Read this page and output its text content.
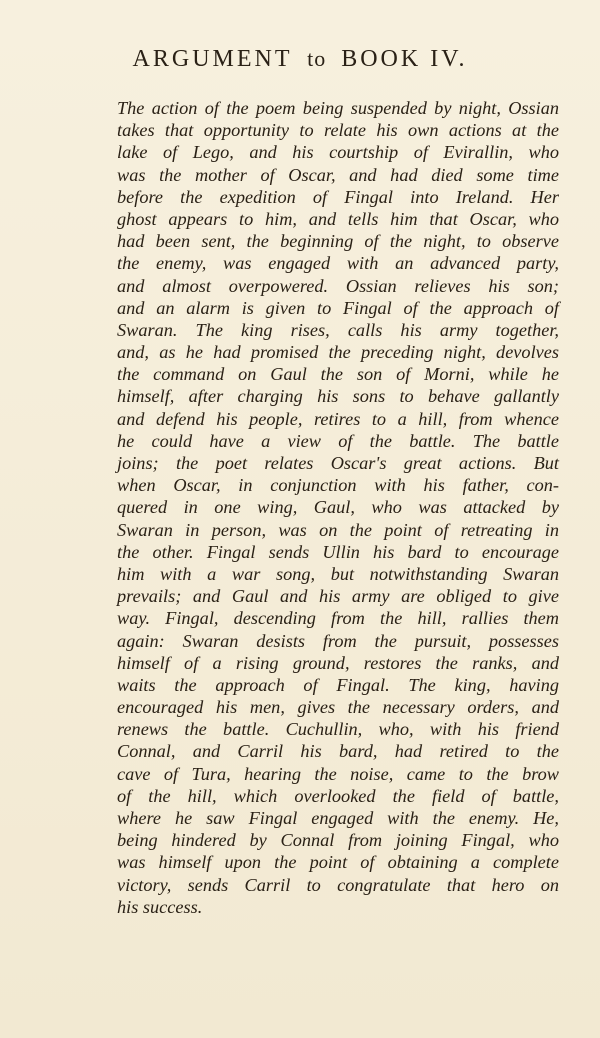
ARGUMENT to BOOK IV.
The action of the poem being suspended by night, Ossian
takes that opportunity to relate his own actions at the
lake of Lego, and his courtship of Evirallin, who
was the mother of Oscar, and had died some time
before the expedition of Fingal into Ireland. Her
ghost appears to him, and tells him that Oscar, who
had been sent, the beginning of the night, to observe
the enemy, was engaged with an advanced party,
and almost overpowered. Ossian relieves his son;
and an alarm is given to Fingal of the approach of
Swaran. The king rises, calls his army together,
and, as he had promised the preceding night, devolves
the command on Gaul the son of Morni, while he
himself, after charging his sons to behave gallantly
and defend his people, retires to a hill, from whence
he could have a view of the battle. The battle
joins; the poet relates Oscar's great actions. But
when Oscar, in conjunction with his father, con-
quered in one wing, Gaul, who was attacked by
Swaran in person, was on the point of retreating in
the other. Fingal sends Ullin his bard to encourage
him with a war song, but notwithstanding Swaran
prevails; and Gaul and his army are obliged to give
way. Fingal, descending from the hill, rallies them
again: Swaran desists from the pursuit, possesses
himself of a rising ground, restores the ranks, and
waits the approach of Fingal. The king, having
encouraged his men, gives the necessary orders, and
renews the battle. Cuchullin, who, with his friend
Connal, and Carril his bard, had retired to the
cave of Tura, hearing the noise, came to the brow
of the hill, which overlooked the field of battle,
where he saw Fingal engaged with the enemy. He,
being hindered by Connal from joining Fingal, who
was himself upon the point of obtaining a complete
victory, sends Carril to congratulate that hero on
his success.
